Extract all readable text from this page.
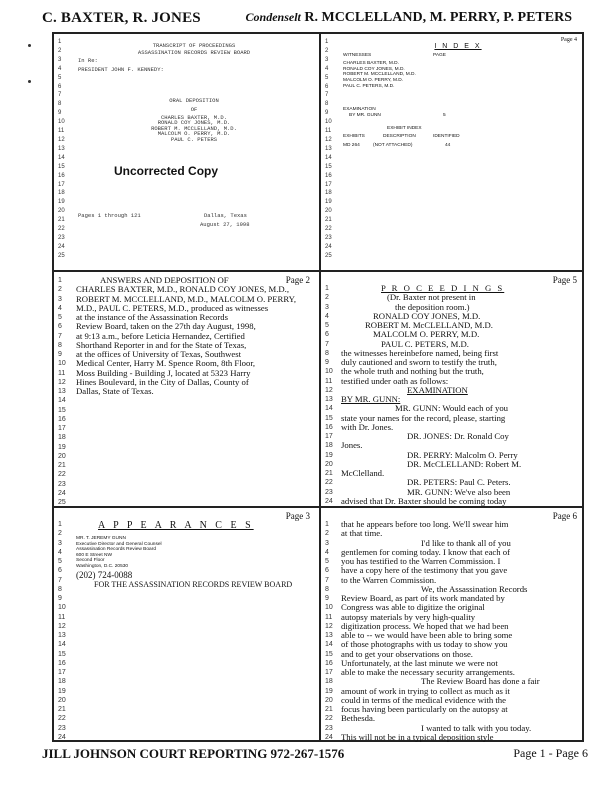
C. BAXTER, R. JONES	Condenselt R. MCCLELLAND, M. PERRY, P. PETERS
1
2
3
4
5
6
7
8
9
10
11
12
13
14
15
16
17
18
19
20
21
22
23
24
25

TRANSCRIPT OF PROCEEDINGS

ASSASSINATION RECORDS REVIEW BOARD

In Re:

PRESIDENT JOHN F. KENNEDY:

ORAL DEPOSITION

OF

CHARLES BAXTER, M.D.

RONALD COY JONES, M.D.

ROBERT M. MCCLELLAND, M.D.

MALCOLM O. PERRY, M.D.

PAUL C. PETERS

Uncorrected Copy
Pages 1 through 121	Dallas, Texas
August 27, 1998
1
2
3
4
5
6
7
8
9
10
11
12
13
14
15
16
17
18
19
20
21
22
23
24
25
Page 4

I N D E X

WITNESSES	PAGE

CHARLES BAXTER, M.D.

RONALD COY JONES, M.D.

ROBERT M. MCCLELLAND, M.D.

MALCOLM O. PERRY, M.D.

PAUL C. PETERS, M.D.

EXAMINATION

BY MR. GUNN	5

EXHIBIT INDEX

EXHIBITS	DESCRIPTION	IDENTIFIED

MD 264	(NOT ATTACHED)	44

1
2
3
4
5
6
7
8
9
10
11
12
13
14
15
16
17
18
19
20
21
22
23
24
25
Page 2

ANSWERS AND DEPOSITION OF

CHARLES BAXTER, M.D., RONALD COY JONES, M.D.,

ROBERT M. MCCLELLAND, M.D., MALCOLM O. PERRY,

M.D., PAUL C. PETERS, M.D., produced as witnesses

at the instance of the Assassination Records

Review Board, taken on the 27th day August, 1998,

at 9:13 a.m., before Leticia Hernandez, Certified

Shorthand Reporter in and for the State of Texas,

at the offices of University of Texas, Southwest

Medical Center, Harry M. Spence Room, 8th Floor,

Moss Building - Building J, located at 5323 Harry

Hines Boulevard, in the City of Dallas, County of

Dallas, State of Texas.

1
2
3
4
5
6
7
8
9
10
11
12
13
14
15
16
17
18
19
20
21
22
23
24
Page 5

P R O C E E D I N G S

(Dr. Baxter not present in

the deposition room.)

RONALD COY JONES, M.D.

ROBERT M. McCLELLAND, M.D.

MALCOLM O. PERRY, M.D.

PAUL C. PETERS, M.D.

the witnesses hereinbefore named, being first

duly cautioned and sworn to testify the truth,

the whole truth and nothing but the truth,

testified under oath as follows:

EXAMINATION

BY MR. GUNN:

MR. GUNN: Would each of you

state your names for the record, please, starting

with Dr. Jones.

DR. JONES: Dr. Ronald Coy

Jones.

DR. PERRY: Malcolm O. Perry

DR. McCLELLAND: Robert M.

McClelland.

DR. PETERS: Paul C. Peters.

MR. GUNN: We've also been

advised that Dr. Baxter should be coming today

1
2
3
4
5
6
7
8
9
10
11
12
13
14
15
16
17
18
19
20
21
22
23
24
Page 3
A P P E A R A N C E S

MR. T. JEREMY GUNN

Executive Director and General Counsel

Assassination Records Review Board

600 E Street NW

Second Floor

Washington, D.C. 20530

(202) 724-0088
FOR THE ASSASSINATION RECORDS REVIEW BOARD
1
2
3
4
5
6
7
8
9
10
11
12
13
14
15
16
17
18
19
20
21
22
23
24
Page 6

that he appears before too long. We'll swear him

at that time.

I'd like to thank all of you

gentlemen for coming today. I know that each of

you has testified to the Warren Commission. I

have a copy here of the testimony that you gave

to the Warren Commission.

We, the Assassination Records

Review Board, as part of its work mandated by

Congress was able to digitize the original

autopsy materials by very high-quality

digitization process. We hoped that we had been

able to -- we would have been able to bring some

of those photographs with us today to show you

and to get your observations on those.

Unfortunately, at the last minute we were not

able to make the necessary security arrangements.

The Review Board has done a fair

amount of work in trying to collect as much as it

could in terms of the medical evidence with the

focus having been particularly on the autopsy at

Bethesda.

I wanted to talk with you today.

This will not be in a typical deposition style

JILL JOHNSON COURT REPORTING 972-267-1576	Page 1 - Page 6
